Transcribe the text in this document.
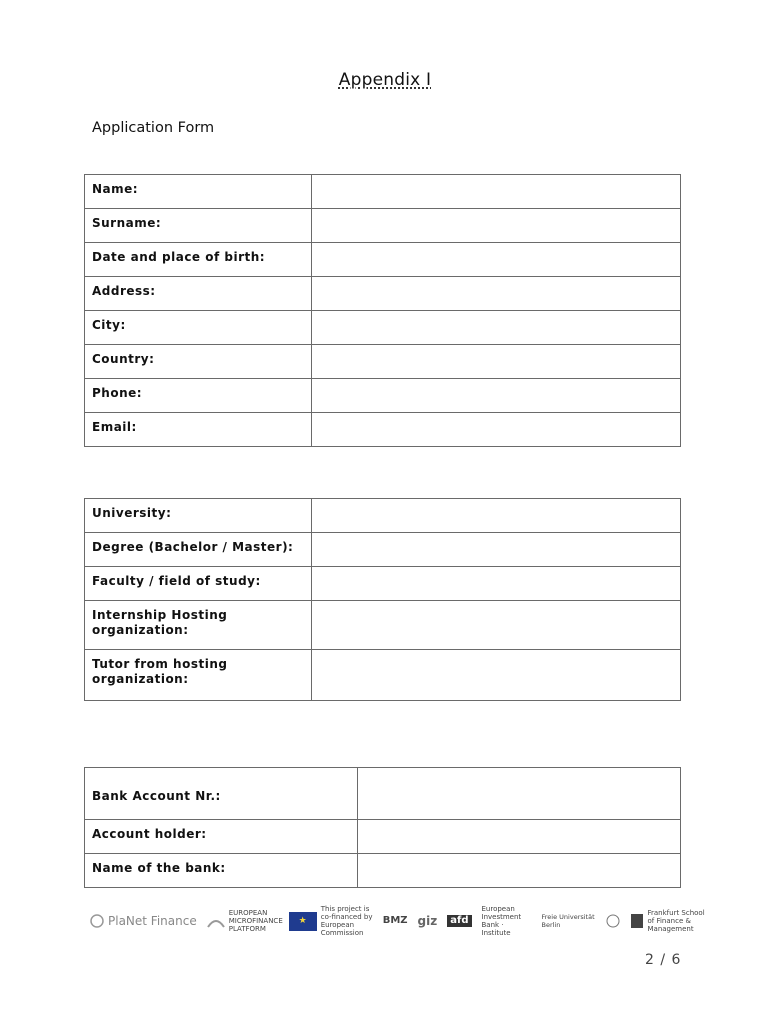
Appendix I
Application Form
Name:	
Surname:	
Date and place of birth:	
Address:	
City:	
Country:	
Phone:	
Email:	
University:	
Degree (Bachelor / Master):	
Faculty / field of study:	
Internship Hosting organization:	
Tutor from hosting organization:	
Bank Account Nr.:	
Account holder:	
Name of the bank:	
PlaNet Finance
EUROPEAN MICROFINANCE PLATFORM
★
This project is co-financed by European Commission
BMZ giz	afd
European Investment Bank · Institute
Freie Universität Berlin
Frankfurt School of Finance & Management
2 / 6
